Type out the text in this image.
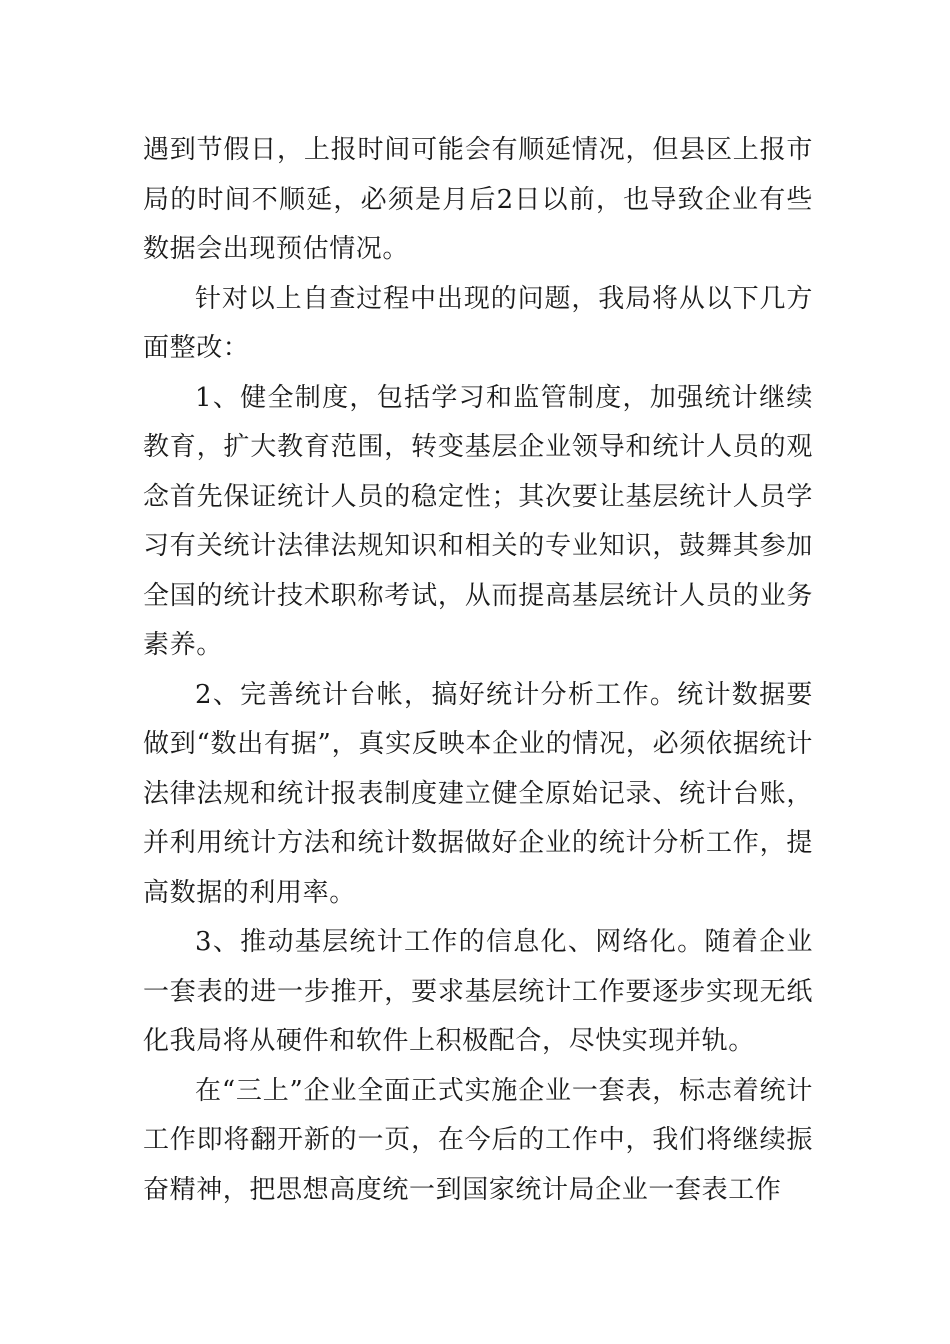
遇到节假日，上报时间可能会有顺延情况，但县区上报市局的时间不顺延，必须是月后2日以前，也导致企业有些数据会出现预估情况。

针对以上自查过程中出现的问题，我局将从以下几方面整改：

1、健全制度，包括学习和监管制度，加强统计继续教育，扩大教育范围，转变基层企业领导和统计人员的观念首先保证统计人员的稳定性；其次要让基层统计人员学习有关统计法律法规知识和相关的专业知识，鼓舞其参加全国的统计技术职称考试，从而提高基层统计人员的业务素养。

2、完善统计台帐，搞好统计分析工作。统计数据要做到“数出有据”，真实反映本企业的情况，必须依据统计法律法规和统计报表制度建立健全原始记录、统计台账，并利用统计方法和统计数据做好企业的统计分析工作，提高数据的利用率。

3、推动基层统计工作的信息化、网络化。随着企业一套表的进一步推开，要求基层统计工作要逐步实现无纸化我局将从硬件和软件上积极配合，尽快实现并轨。

在“三上”企业全面正式实施企业一套表，标志着统计工作即将翻开新的一页，在今后的工作中，我们将继续振奋精神，把思想高度统一到国家统计局企业一套表工作
